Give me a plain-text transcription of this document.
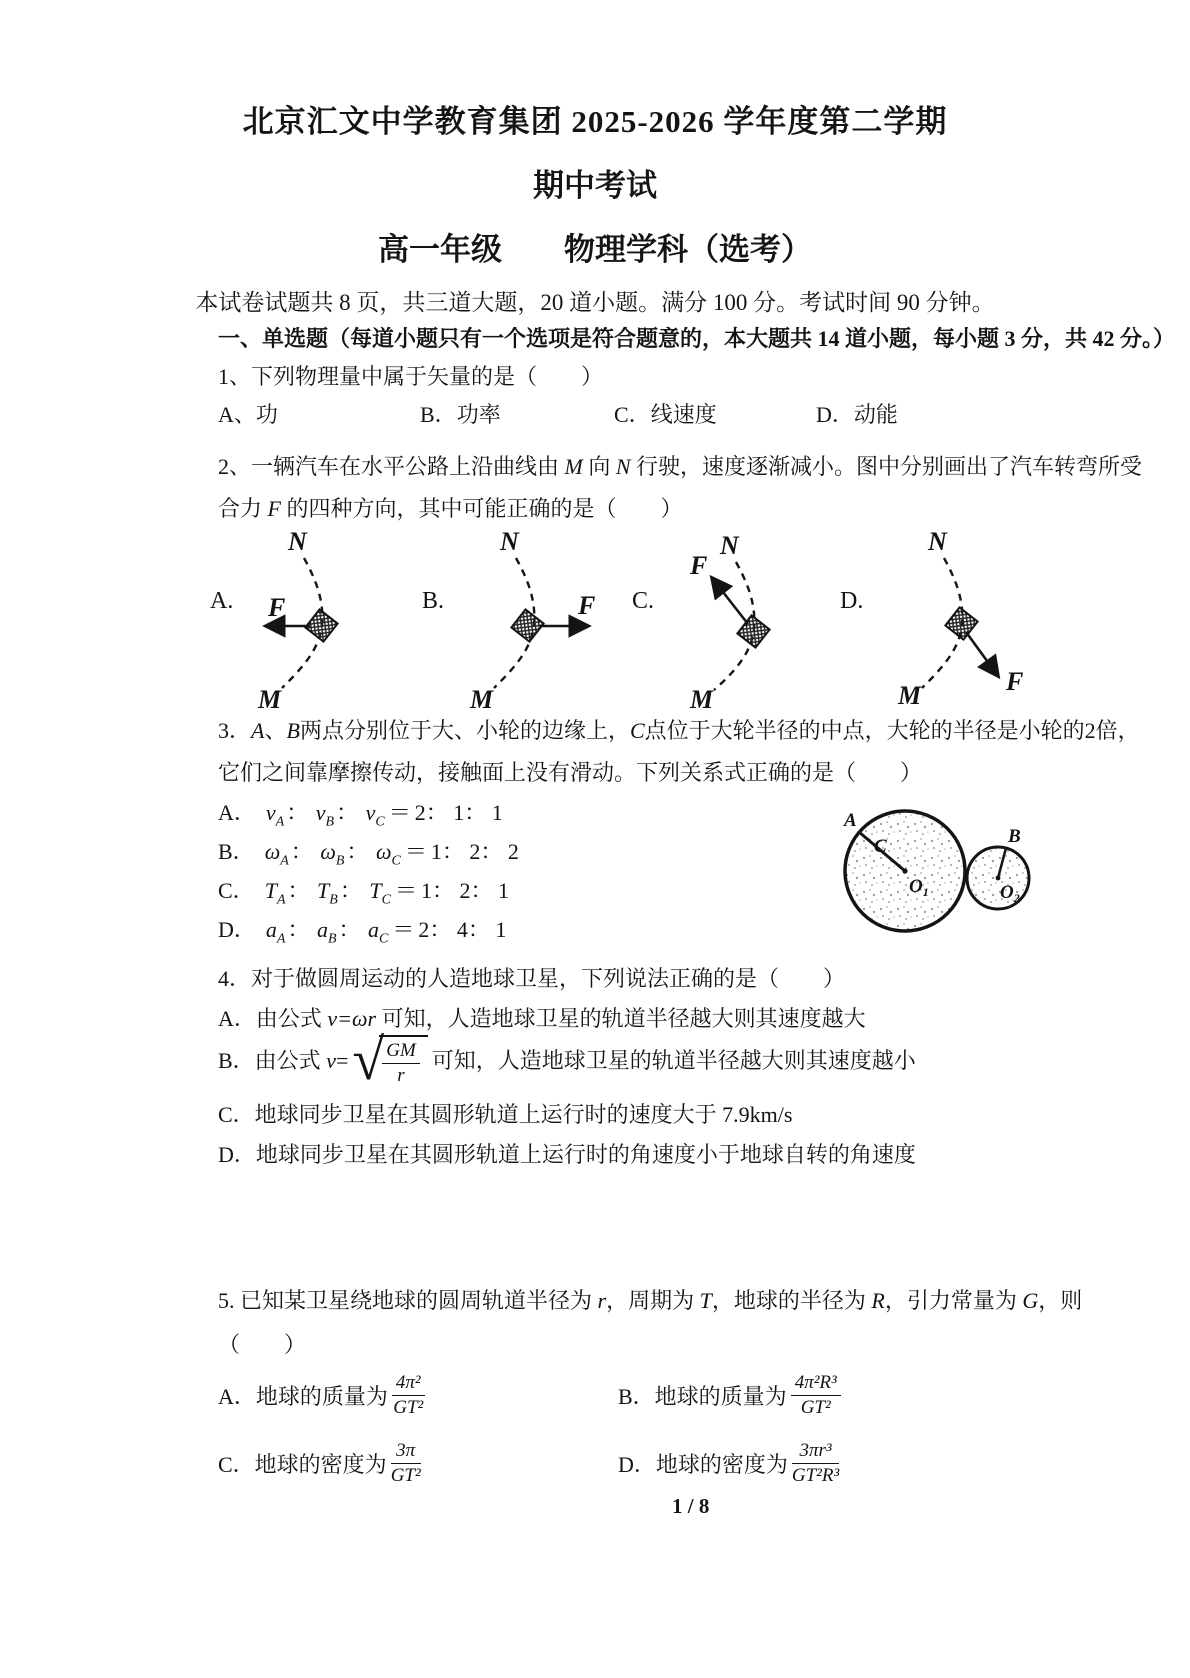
北京汇文中学教育集团 2025-2026 学年度第二学期
期中考试
高一年级　　物理学科（选考）
本试卷试题共 8 页，共三道大题，20 道小题。满分 100 分。考试时间 90 分钟。
一、单选题（每道小题只有一个选项是符合题意的，本大题共 14 道小题，每小题 3 分，共 42 分。）
1、下列物理量中属于矢量的是（　　）
A、功	B．功率	C．线速度	D．动能
2、一辆汽车在水平公路上沿曲线由 M 向 N 行驶，速度逐渐减小。图中分别画出了汽车转弯所受
合力 F 的四种方向，其中可能正确的是（　　）
A.
N
M
F	B.
N
M
F C.
N
M
F
D.
N
M	F
3．A、B两点分别位于大、小轮的边缘上，C点位于大轮半径的中点，大轮的半径是小轮的2倍，
它们之间靠摩擦传动，接触面上没有滑动。下列关系式正确的是（　　）
A． $v_A$： $v_B$： $v_C = 2$： 1： 1
B． $\omega_A$： $\omega_B$： $\omega_C = 1$： 2： 2
C． $T_A$： $T_B$： $T_C = 1$： 2： 1
D． $a_A$： $a_B$： $a_C = 2$： 4： 1
A
C	B
$O_1$	$O_2$
4．对于做圆周运动的人造地球卫星，下列说法正确的是（　　）
A．由公式 v=ωr 可知，人造地球卫星的轨道半径越大则其速度越大
B．由公式 v= √
$\frac{GM}{r}$ 可知，人造地球卫星的轨道半径越大则其速度越小
C．地球同步卫星在其圆形轨道上运行时的速度大于 7.9km/s
D．地球同步卫星在其圆形轨道上运行时的角速度小于地球自转的角速度
5. 已知某卫星绕地球的圆周轨道半径为 r，周期为 T，地球的半径为 R，引力常量为 G，则
（　　）
A．地球的质量为 $\frac{\text{4π²}}{\text{GT²}}$	B．地球的质量为 $\frac{\text{4π²R³}}{\text{GT²}}$
C．地球的密度为 $\frac{3\pi}{\text{GT²}}$	D．地球的密度为 $\frac{\text{3πr³}}{\text{GT²R³}}$
1 / 8
